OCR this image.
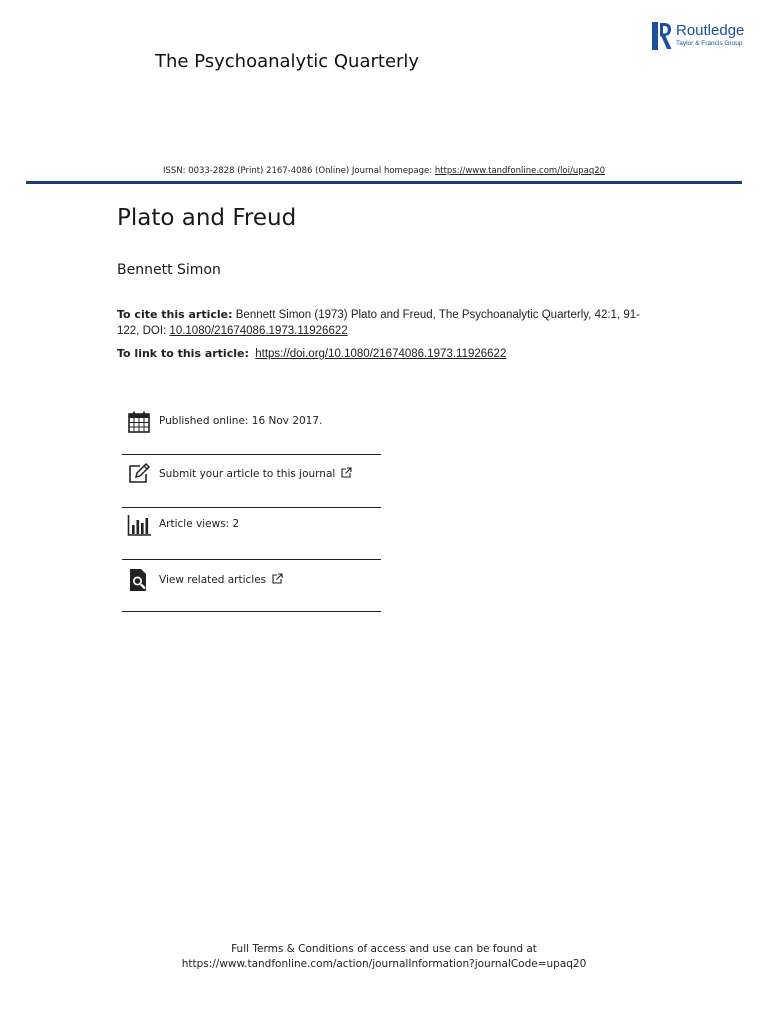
The Psychoanalytic Quarterly
Routledge
Taylor & Francis Group
ISSN: 0033-2828 (Print) 2167-4086 (Online) Journal homepage: https://www.tandfonline.com/loi/upaq20
Plato and Freud
Bennett Simon
To cite this article: Bennett Simon (1973) Plato and Freud, The Psychoanalytic Quarterly, 42:1, 91-122, DOI: 10.1080/21674086.1973.11926622
To link to this article: https://doi.org/10.1080/21674086.1973.11926622
Published online: 16 Nov 2017.
Submit your article to this journal
Article views: 2
View related articles
Full Terms & Conditions of access and use can be found at
https://www.tandfonline.com/action/journalInformation?journalCode=upaq20
